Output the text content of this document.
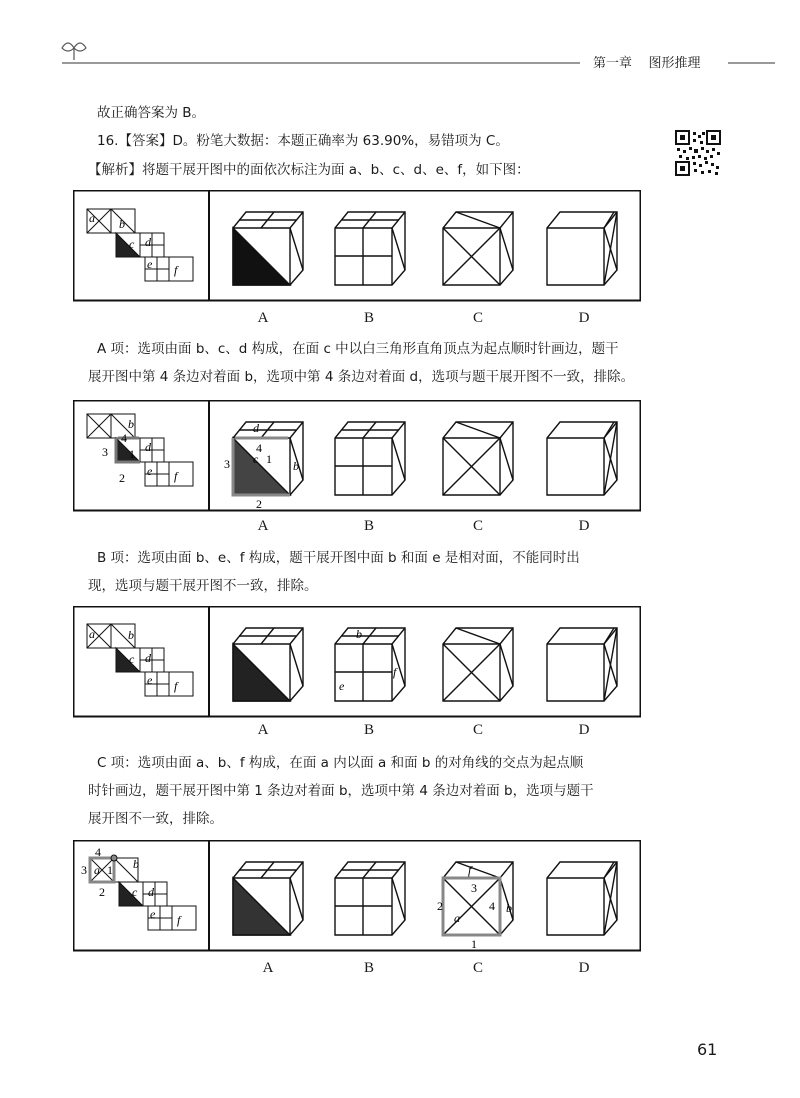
第一章 图形推理
故正确答案为 B。
16.【答案】D。粉笔大数据：本题正确率为 63.90%，易错项为 C。
【解析】将题干展开图中的面依次标注为面 a、b、c、d、e、f，如下图：
a b
c d
e f
A	B	C	D
A 项：选项由面 b、c、d 构成，在面 c 中以白三角形直角顶点为起点顺时针画边，题干
展开图中第 4 条边对着面 b，选项中第 4 条边对着面 d，选项与题干展开图不一致，排除。
b
4
3 1 d
2 e f
d
4
c 1
3	b
2
A	B	C	D
B 项：选项由面 b、e、f 构成，题干展开图中面 b 和面 e 是相对面，不能同时出
现，选项与题干展开图不一致，排除。
a	b
c d
e f
b
e
f
A	B	C	D
C 项：选项由面 a、b、f 构成，在面 a 内以面 a 和面 b 的对角线的交点为起点顺
时针画边，题干展开图中第 1 条边对着面 b，选项中第 4 条边对着面 b，选项与题干
展开图不一致，排除。
4
3 a 1 b
2 c d
e f
f
3
2
a
4 b
1
A	B	C	D
61
